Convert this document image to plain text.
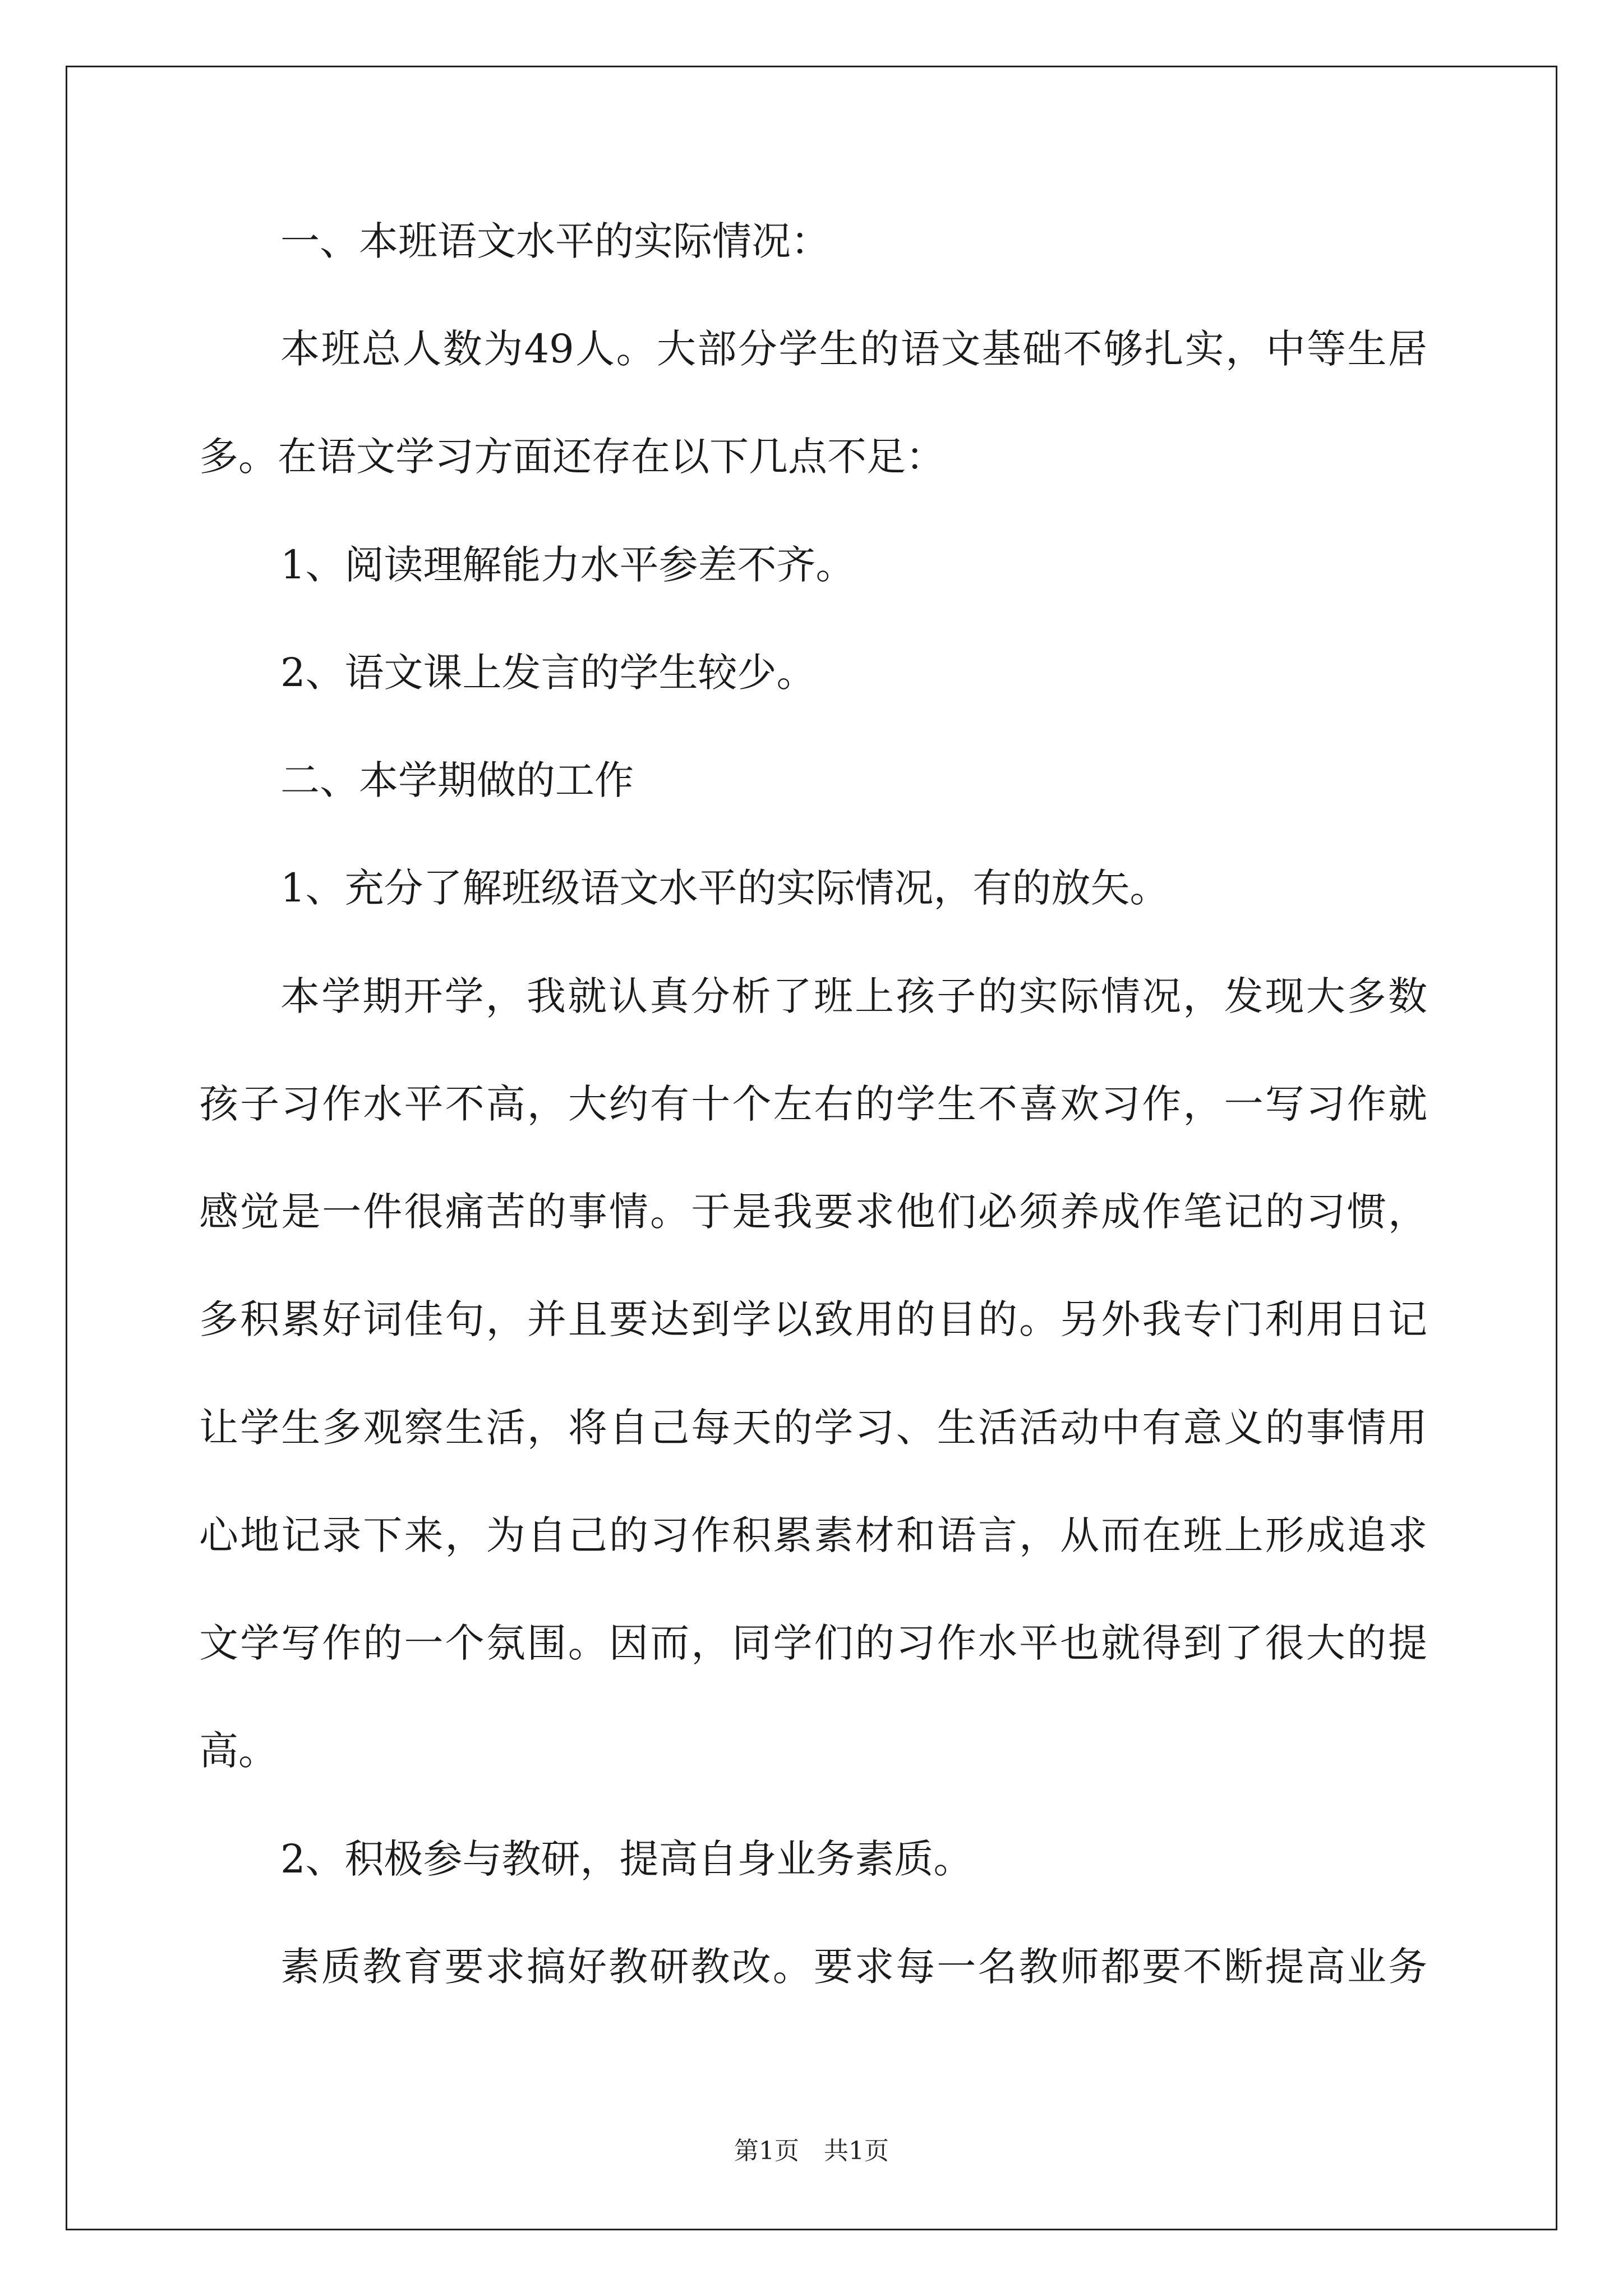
一、本班语文水平的实际情况：
本班总人数为49人。大部分学生的语文基础不够扎实，中等生居
多。在语文学习方面还存在以下几点不足：
1、阅读理解能力水平参差不齐。
2、语文课上发言的学生较少。
二、本学期做的工作
1、充分了解班级语文水平的实际情况，有的放矢。
本学期开学，我就认真分析了班上孩子的实际情况，发现大多数
孩子习作水平不高，大约有十个左右的学生不喜欢习作，一写习作就
感觉是一件很痛苦的事情。于是我要求他们必须养成作笔记的习惯，
多积累好词佳句，并且要达到学以致用的目的。另外我专门利用日记
让学生多观察生活，将自己每天的学习、生活活动中有意义的事情用
心地记录下来，为自己的习作积累素材和语言，从而在班上形成追求
文学写作的一个氛围。因而，同学们的习作水平也就得到了很大的提
高。
2、积极参与教研，提高自身业务素质。
素质教育要求搞好教研教改。要求每一名教师都要不断提高业务
第1页　共1页
